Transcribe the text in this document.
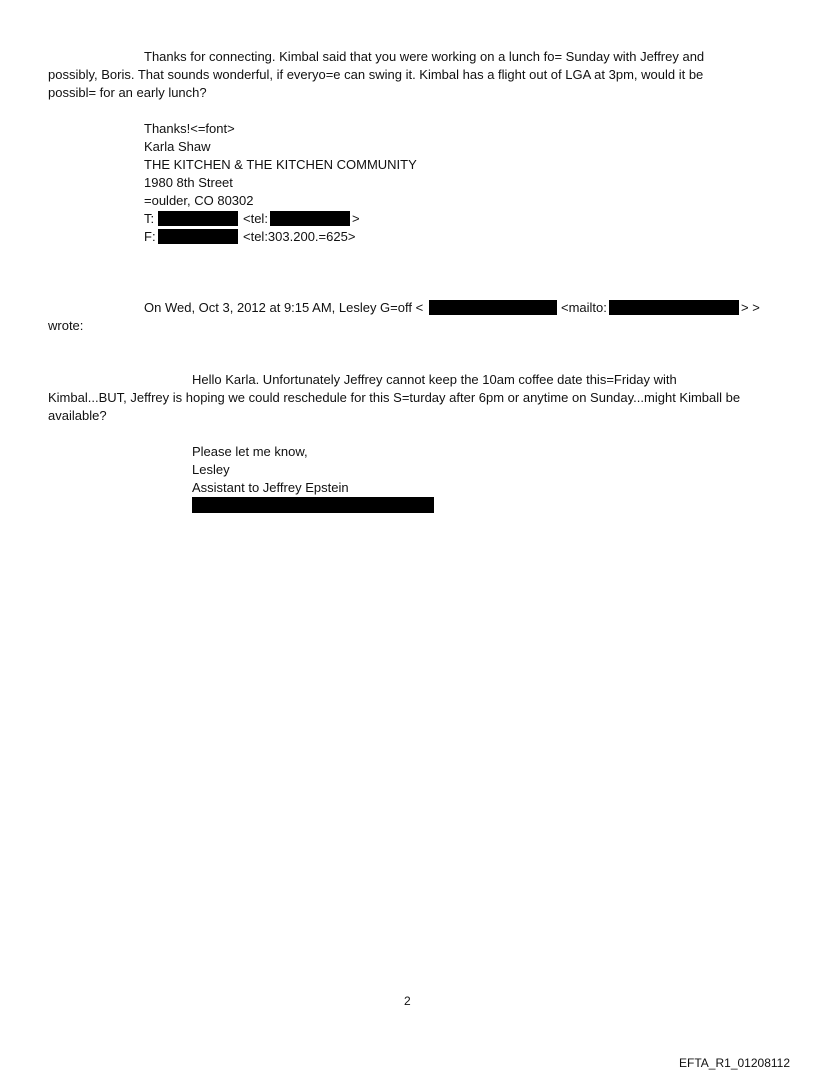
Thanks for connecting. Kimbal said that you were working on a lunch fo= Sunday with Jeffrey and
possibly, Boris. That sounds wonderful, if everyo=e can swing it. Kimbal has a flight out of LGA at 3pm, would it be
possibl= for an early lunch?
Thanks!<=font>
Karla Shaw
THE KITCHEN & THE KITCHEN COMMUNITY
1980 8th Street
=oulder, CO 80302
T:	<tel:	>
F:	<tel:303.200.=625>
On Wed, Oct 3, 2012 at 9:15 AM, Lesley G=off <	<mailto:	> >
wrote:
Hello Karla. Unfortunately Jeffrey cannot keep the 10am coffee date this=Friday with
Kimbal...BUT, Jeffrey is hoping we could reschedule for this S=turday after 6pm or anytime on Sunday...might Kimball be
available?
Please let me know,
Lesley
Assistant to Jeffrey Epstein
2
EFTA_R1_01208112
